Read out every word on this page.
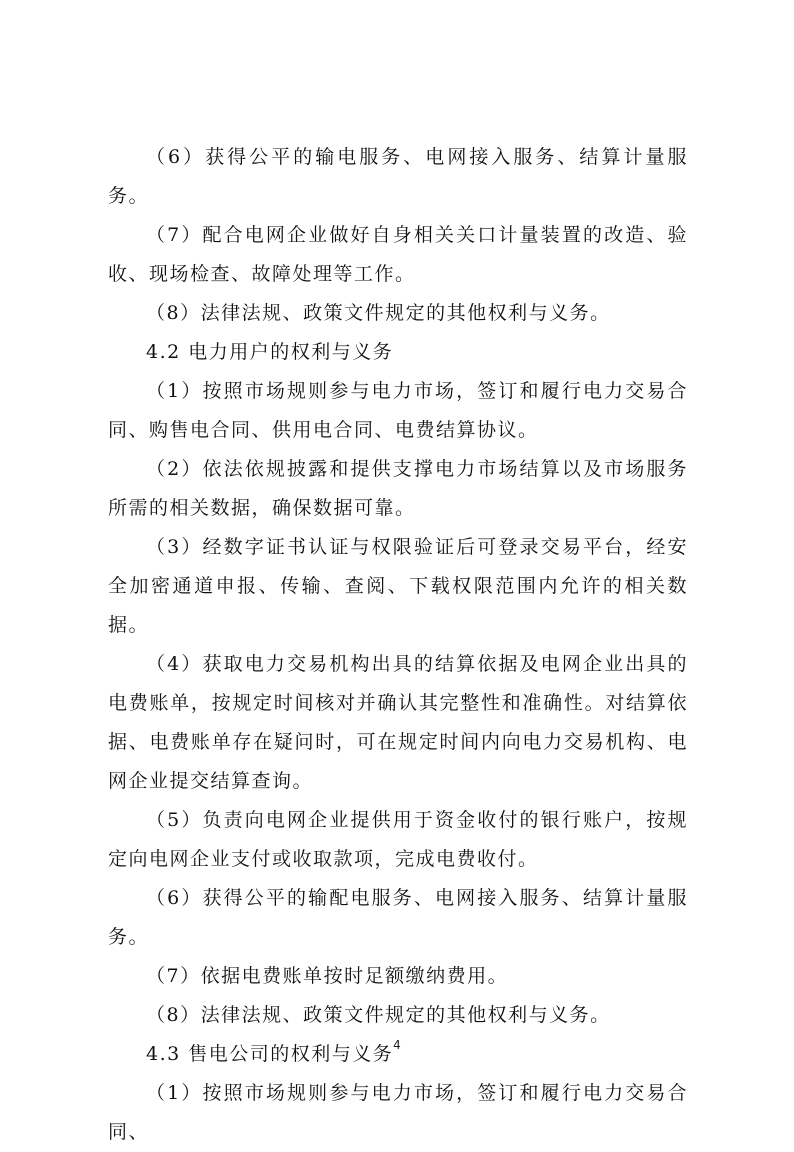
（6）获得公平的输电服务、电网接入服务、结算计量服务。

（7）配合电网企业做好自身相关关口计量装置的改造、验收、现场检查、故障处理等工作。

（8）法律法规、政策文件规定的其他权利与义务。

4.2 电力用户的权利与义务

（1）按照市场规则参与电力市场，签订和履行电力交易合同、购售电合同、供用电合同、电费结算协议。

（2）依法依规披露和提供支撑电力市场结算以及市场服务所需的相关数据，确保数据可靠。

（3）经数字证书认证与权限验证后可登录交易平台，经安全加密通道申报、传输、查阅、下载权限范围内允许的相关数据。

（4）获取电力交易机构出具的结算依据及电网企业出具的电费账单，按规定时间核对并确认其完整性和准确性。对结算依据、电费账单存在疑问时，可在规定时间内向电力交易机构、电网企业提交结算查询。

（5）负责向电网企业提供用于资金收付的银行账户，按规定向电网企业支付或收取款项，完成电费收付。

（6）获得公平的输配电服务、电网接入服务、结算计量服务。

（7）依据电费账单按时足额缴纳费用。

（8）法律法规、政策文件规定的其他权利与义务。

4.3 售电公司的权利与义务

（1）按照市场规则参与电力市场，签订和履行电力交易合同、

4
